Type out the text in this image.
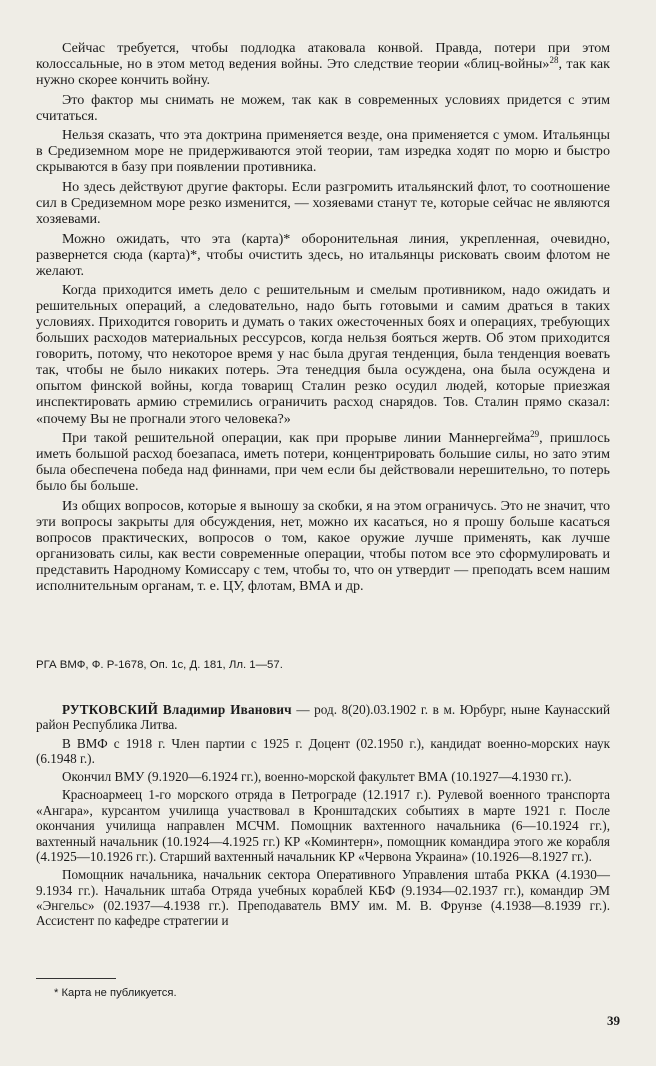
Сейчас требуется, чтобы подлодка атаковала конвой. Правда, потери при этом колоссальные, но в этом метод ведения войны. Это следствие теории «блиц-войны»$^{28}$, так как нужно скорее кончить войну.

Это фактор мы снимать не можем, так как в современных условиях придется с этим считаться.

Нельзя сказать, что эта доктрина применяется везде, она применяется с умом. Итальянцы в Средиземном море не придерживаются этой теории, там изредка ходят по морю и быстро скрываются в базу при появлении противника.

Но здесь действуют другие факторы. Если разгромить итальянский флот, то соотношение сил в Средиземном море резко изменится, — хозяевами станут те, которые сейчас не являются хозяевами.

Можно ожидать, что эта (карта)* оборонительная линия, укрепленная, очевидно, развернется сюда (карта)*, чтобы очистить здесь, но итальянцы рисковать своим флотом не желают.

Когда приходится иметь дело с решительным и смелым противником, надо ожидать и решительных операций, а следовательно, надо быть готовыми и самим драться в таких условиях. Приходится говорить и думать о таких ожесточенных боях и операциях, требующих больших расходов материальных рессурсов, когда нельзя бояться жертв. Об этом приходится говорить, потому, что некоторое время у нас была другая тенденция, была тенденция воевать так, чтобы не было никаких потерь. Эта тенедция была осуждена, она была осуждена и опытом финской войны, когда товарищ Сталин резко осудил людей, которые приезжая инспектировать армию стремились ограничить расход снарядов. Тов. Сталин прямо сказал: «почему Вы не прогнали этого человека?»

При такой решительной операции, как при прорыве линии Маннергейма$^{29}$, пришлось иметь большой расход боезапаса, иметь потери, концентрировать большие силы, но зато этим была обеспечена победа над финнами, при чем если бы действовали нерешительно, то потерь было бы больше.

Из общих вопросов, которые я выношу за скобки, я на этом ограничусь. Это не значит, что эти вопросы закрыты для обсуждения, нет, можно их касаться, но я прошу больше касаться вопросов практических, вопросов о том, какое оружие лучше применять, как лучше организовать силы, как вести современные операции, чтобы потом все это сформулировать и представить Народному Комиссару с тем, чтобы то, что он утвердит — преподать всем нашим исполнительным органам, т. е. ЦУ, флотам, ВМА и др.

РГА ВМФ, Ф. Р-1678, Оп. 1с, Д. 181, Лл. 1—57.

РУТКОВСКИЙ Владимир Иванович — род. 8(20).03.1902 г. в м. Юрбург, ныне Каунасский район Республика Литва.

В ВМФ с 1918 г. Член партии с 1925 г. Доцент (02.1950 г.), кандидат военно-морских наук (6.1948 г.).

Окончил ВМУ (9.1920—6.1924 гг.), военно-морской факультет ВМА (10.1927—4.1930 гг.).

Красноармеец 1-го морского отряда в Петрограде (12.1917 г.). Рулевой военного транспорта «Ангара», курсантом училища участвовал в Кронштадских событиях в марте 1921 г. После окончания училища направлен МСЧМ. Помощник вахтенного начальника (6—10.1924 гг.), вахтенный начальник (10.1924—4.1925 гг.) КР «Коминтерн», помощник командира этого же корабля (4.1925—10.1926 гг.). Старший вахтенный начальник КР «Червона Украина» (10.1926—8.1927 гг.).

Помощник начальника, начальник сектора Оперативного Управления штаба РККА (4.1930—9.1934 гг.). Начальник штаба Отряда учебных кораблей КБФ (9.1934—02.1937 гг.), командир ЭМ «Энгельс» (02.1937—4.1938 гг.). Преподаватель ВМУ им. М. В. Фрунзе (4.1938—8.1939 гг.). Ассистент по кафедре стратегии и

* Карта не публикуется.
39
